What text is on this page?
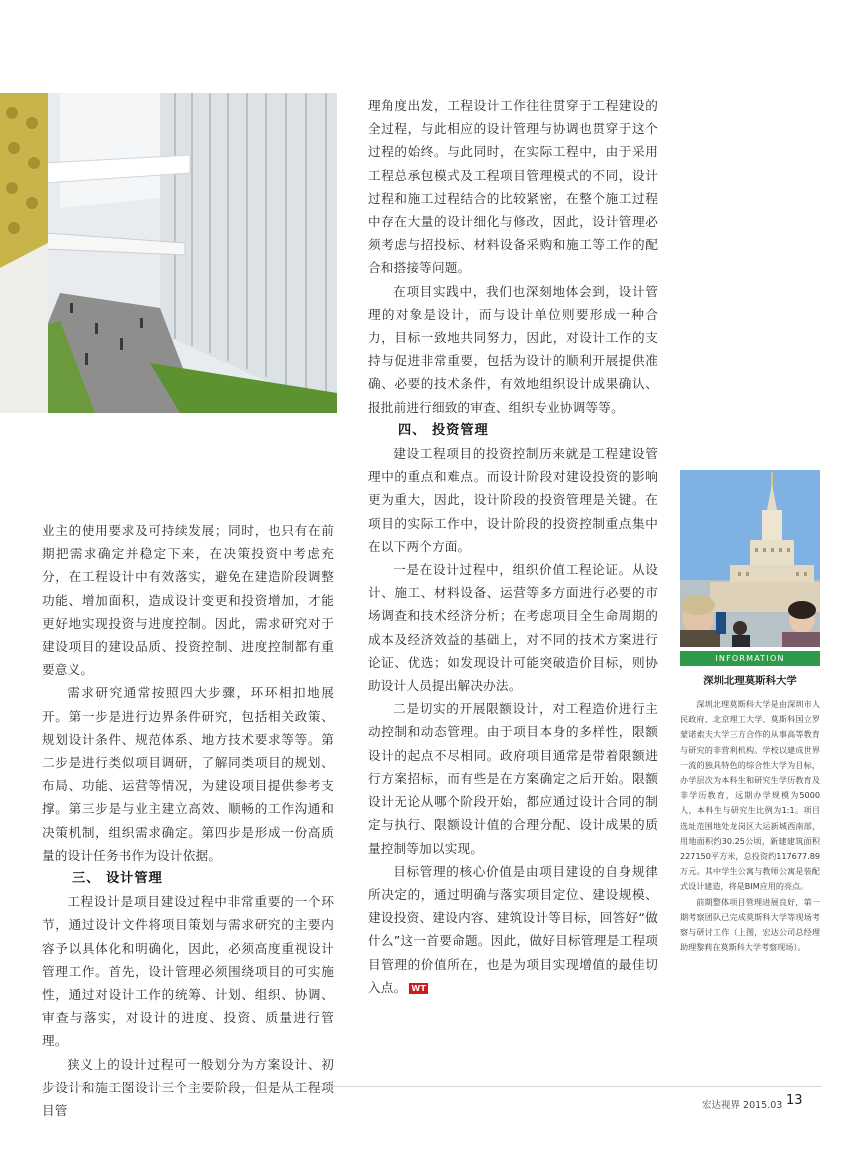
业主的使用要求及可持续发展；同时，也只有在前期把需求确定并稳定下来，在决策投资中考虑充分，在工程设计中有效落实，避免在建造阶段调整功能、增加面积，造成设计变更和投资增加，才能更好地实现投资与进度控制。因此，需求研究对于建设项目的建设品质、投资控制、进度控制都有重要意义。

需求研究通常按照四大步骤，环环相扣地展开。第一步是进行边界条件研究，包括相关政策、规划设计条件、规范体系、地方技术要求等等。第二步是进行类似项目调研，了解同类项目的规划、布局、功能、运营等情况，为建设项目提供参考支撑。第三步是与业主建立高效、顺畅的工作沟通和决策机制，组织需求确定。第四步是形成一份高质量的设计任务书作为设计依据。

三、 设计管理

工程设计是项目建设过程中非常重要的一个环节，通过设计文件将项目策划与需求研究的主要内容予以具体化和明确化，因此，必须高度重视设计管理工作。首先，设计管理必须围绕项目的可实施性，通过对设计工作的统筹、计划、组织、协调、审查与落实，对设计的进度、投资、质量进行管理。

狭义上的设计过程可一般划分为方案设计、初步设计和施工图设计三个主要阶段，但是从工程项目管

理角度出发，工程设计工作往往贯穿于工程建设的全过程，与此相应的设计管理与协调也贯穿于这个过程的始终。与此同时，在实际工程中，由于采用工程总承包模式及工程项目管理模式的不同，设计过程和施工过程结合的比较紧密，在整个施工过程中存在大量的设计细化与修改，因此，设计管理必须考虑与招投标、材料设备采购和施工等工作的配合和搭接等问题。

在项目实践中，我们也深刻地体会到，设计管理的对象是设计，而与设计单位则要形成一种合力，目标一致地共同努力，因此，对设计工作的支持与促进非常重要，包括为设计的顺利开展提供准确、必要的技术条件，有效地组织设计成果确认、报批前进行细致的审查、组织专业协调等等。

四、 投资管理

建设工程项目的投资控制历来就是工程建设管理中的重点和难点。而设计阶段对建设投资的影响更为重大，因此，设计阶段的投资管理是关键。在项目的实际工作中，设计阶段的投资控制重点集中在以下两个方面。

一是在设计过程中，组织价值工程论证。从设计、施工、材料设备、运营等多方面进行必要的市场调查和技术经济分析；在考虑项目全生命周期的成本及经济效益的基础上，对不同的技术方案进行论证、优选；如发现设计可能突破造价目标，则协助设计人员提出解决办法。

二是切实的开展限额设计，对工程造价进行主动控制和动态管理。由于项目本身的多样性，限额设计的起点不尽相同。政府项目通常是带着限额进行方案招标，而有些是在方案确定之后开始。限额设计无论从哪个阶段开始，都应通过设计合同的制定与执行、限额设计值的合理分配、设计成果的质量控制等加以实现。

目标管理的核心价值是由项目建设的自身规律所决定的，通过明确与落实项目定位、建设规模、建设投资、建设内容、建筑设计等目标，回答好“做什么”这一首要命题。因此，做好目标管理是工程项目管理的价值所在，也是为项目实现增值的最佳切入点。 WT

INFORMATION
深圳北理莫斯科大学

深圳北理莫斯科大学是由深圳市人民政府、北京理工大学、莫斯科国立罗蒙诺索夫大学三方合作的从事高等教育与研究的非营利机构。学校以建成世界一流的独具特色的综合性大学为目标，办学层次为本科生和研究生学历教育及非学历教育，远期办学规模为5000人，本科生与研究生比例为1:1。项目选址范围地处龙岗区大运新城西南部，用地面积约30.25公顷，新建建筑面积227150平方米，总投资约117677.89万元。其中学生公寓与教师公寓是装配式设计建造，将是BIM应用的亮点。

前期整体项目管理进展良好，第一期考察团队已完成莫斯科大学等现场考察与研讨工作（上图，宏达公司总经理助理黎莉在莫斯科大学考察现场）。

宏达视界 2015.03 13
